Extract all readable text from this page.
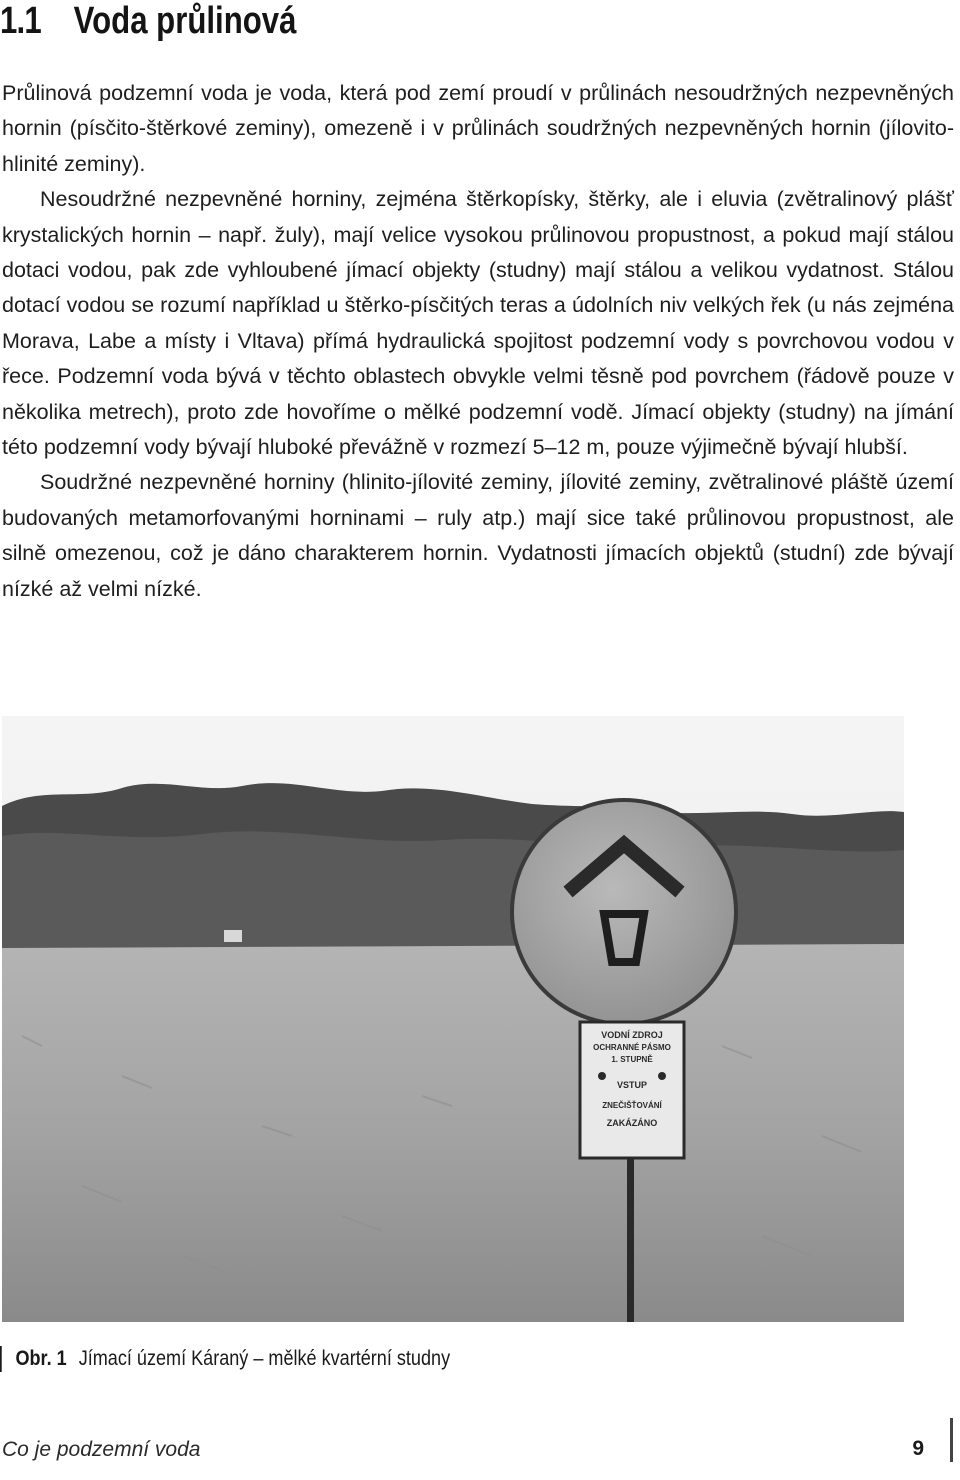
1.1 Voda průlinová

Průlinová podzemní voda je voda, která pod zemí proudí v průlinách nesoudržných nezpevněných hornin (písčito-štěrkové zeminy), omezeně i v průlinách soudržných nezpevněných hornin (jílovito-hlinité zeminy).

Nesoudržné nezpevněné horniny, zejména štěrkopísky, štěrky, ale i eluvia (zvětralinový plášť krystalických hornin – např. žuly), mají velice vysokou průlinovou propustnost, a pokud mají stálou dotaci vodou, pak zde vyhloubené jímací objekty (studny) mají stálou a velikou vydatnost. Stálou dotací vodou se rozumí například u štěrko-písčitých teras a údolních niv velkých řek (u nás zejména Morava, Labe a místy i Vltava) přímá hydraulická spojitost podzemní vody s povrchovou vodou v řece. Podzemní voda bývá v těchto oblastech obvykle velmi těsně pod povrchem (řádově pouze v několika metrech), proto zde hovoříme o mělké podzemní vodě. Jímací objekty (studny) na jímání této podzemní vody bývají hluboké převážně v rozmezí 5–12 m, pouze výjimečně bývají hlubší.

Soudržné nezpevněné horniny (hlinito-jílovité zeminy, jílovité zeminy, zvětralinové pláště území budovaných metamorfovanými horninami – ruly atp.) mají sice také průlinovou propustnost, ale silně omezenou, což je dáno charakterem hornin. Vydatnosti jímacích objektů (studní) zde bývají nízké až velmi nízké.

VODNÍ ZDROJ
OCHRANNÉ PÁSMO
1. STUPNĚ
VSTUP
ZNEČIŠŤOVÁNÍ
ZAKÁZÁNO
Obr. 1 Jímací území Káraný – mělké kvartérní studny
Co je podzemní voda	9
